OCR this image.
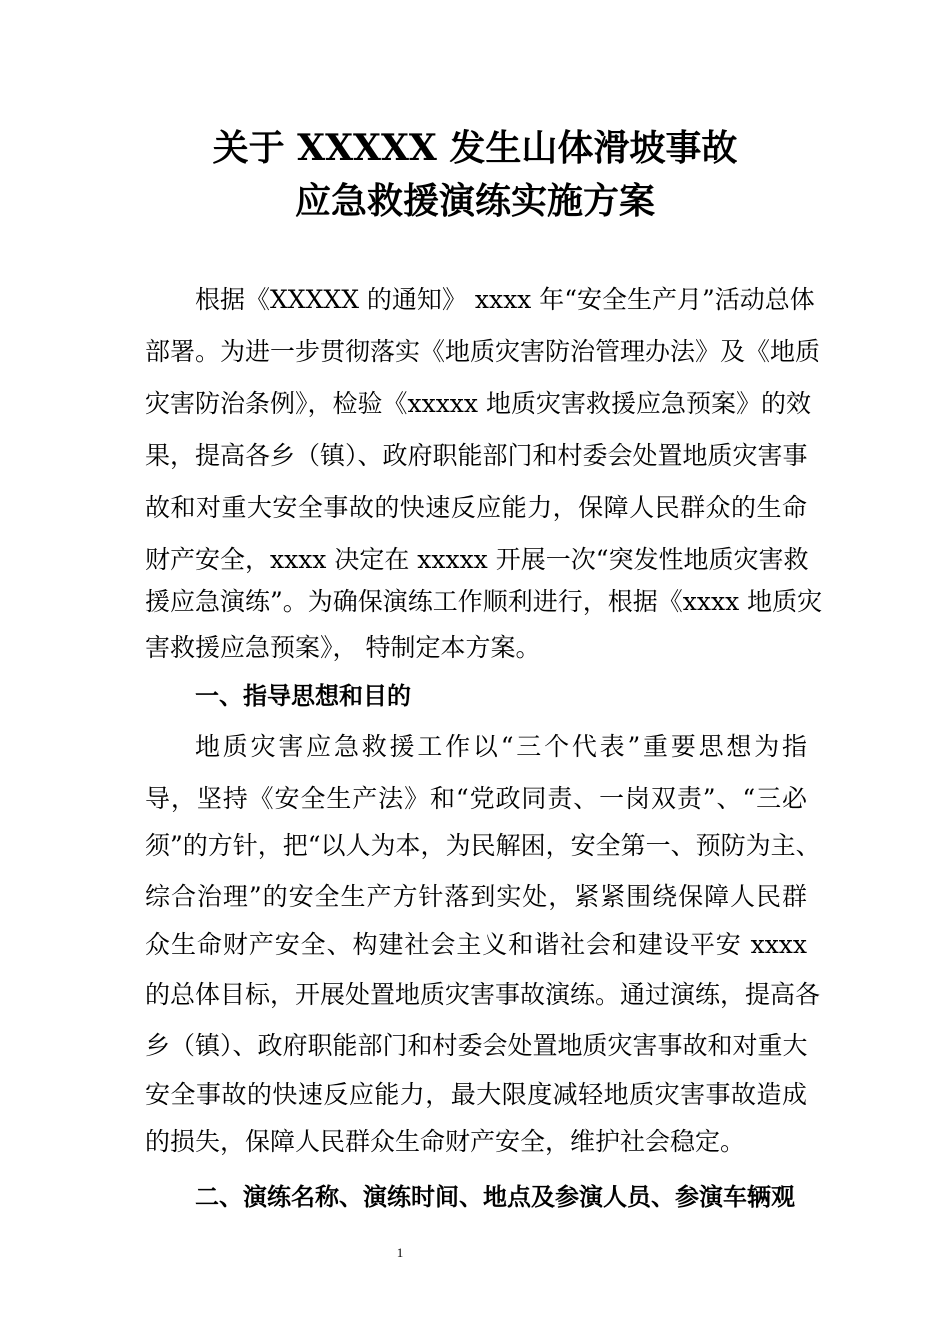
关于 XXXXX 发生山体滑坡事故
应急救援演练实施方案

根据《XXXXX 的通知》 xxxx 年“安全生产月”活动总体

部署。为进一步贯彻落实《地质灾害防治管理办法》及《地质

灾害防治条例》，检验《xxxxx 地质灾害救援应急预案》的效

果，提高各乡（镇）、政府职能部门和村委会处置地质灾害事

故和对重大安全事故的快速反应能力，保障人民群众的生命

财产安全，xxxx 决定在 xxxxx 开展一次“突发性地质灾害救

援应急演练”。为确保演练工作顺利进行，根据《xxxx 地质灾

害救援应急预案》， 特制定本方案。

一、指导思想和目的

地质灾害应急救援工作以“三个代表”重要思想为指

导，坚持《安全生产法》和“党政同责、一岗双责”、“三必

须”的方针，把“以人为本，为民解困，安全第一、预防为主、

综合治理”的安全生产方针落到实处，紧紧围绕保障人民群

众生命财产安全、构建社会主义和谐社会和建设平安 xxxx

的总体目标，开展处置地质灾害事故演练。通过演练，提高各

乡（镇）、政府职能部门和村委会处置地质灾害事故和对重大

安全事故的快速反应能力，最大限度减轻地质灾害事故造成

的损失，保障人民群众生命财产安全，维护社会稳定。

二、演练名称、演练时间、地点及参演人员、参演车辆观
1
